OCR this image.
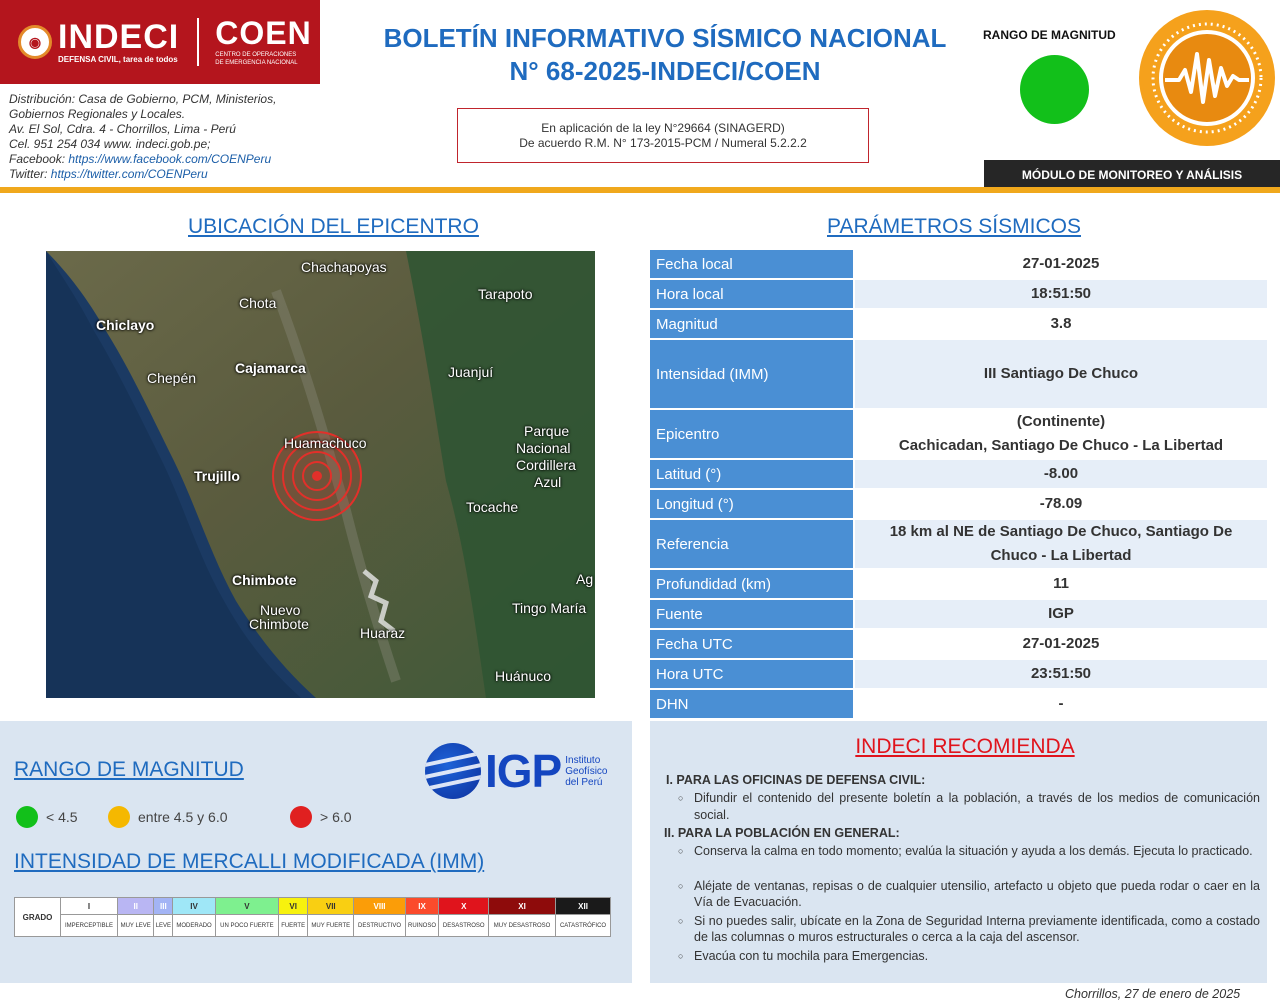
◉ INDECI
DEFENSA CIVIL, tarea de todos
COEN
CENTRO DE OPERACIONES DE EMERGENCIA NACIONAL
Distribución: Casa de Gobierno, PCM, Ministerios,
Gobiernos Regionales y Locales.
Av. El Sol, Cdra. 4 - Chorrillos, Lima - Perú
Cel. 951 254 034 www. indeci.gob.pe;
Facebook: https://www.facebook.com/COENPeru
Twitter: https://twitter.com/COENPeru
BOLETÍN INFORMATIVO SÍSMICO NACIONAL
N° 68-2025-INDECI/COEN
En aplicación de la ley N°29664 (SINAGERD)
De acuerdo R.M. N° 173-2015-PCM / Numeral 5.2.2.2
RANGO DE MAGNITUD
MÓDULO DE MONITOREO Y ANÁLISIS
UBICACIÓN DEL EPICENTRO
Chachapoyas
Chota
Tarapoto
Chiclayo
Chepén
Cajamarca	Juanjuí
Huamachuco
Parque
Nacional
Cordillera
Azul
Trujillo
Tocache
Chimbote
Nuevo
Chimbote
Ag
Tingo María
Huaraz
Huánuco
PARÁMETROS SÍSMICOS
Fecha local	27-01-2025
Hora local	18:51:50
Magnitud	3.8
Intensidad (IMM)	III Santiago De Chuco
Epicentro	(Continente)
Cachicadan, Santiago De Chuco - La Libertad

Latitud (°)	-8.00
Longitud (°)	-78.09
Referencia	18 km al NE de Santiago De Chuco, Santiago De
Chuco - La Libertad

Profundidad (km)	11
Fuente	IGP
Fecha UTC	27-01-2025
Hora UTC	23:51:50
DHN	-
RANGO DE MAGNITUD
< 4.5	entre 4.5 y 6.0	> 6.0
IGP Instituto
Geofísico
del Perú
INTENSIDAD DE MERCALLI MODIFICADA (IMM)
GRADO	I	II	III	IV	V	VI	VII	VIII	IX	X	XI	XII
	IMPERCEPTIBLE	MUY LEVE	LEVE	MODERADO	UN POCO FUERTE	FUERTE	MUY FUERTE	DESTRUCTIVO	RUINOSO	DESASTROSO	MUY DESASTROSO	CATASTRÓFICO
INDECI RECOMIENDA
I. PARA LAS OFICINAS DE DEFENSA CIVIL:
○ Difundir el contenido del presente boletín a la población, a través de los medios de comunicación social.
II. PARA LA POBLACIÓN EN GENERAL:
○ Conserva la calma en todo momento; evalúa la situación y ayuda a los demás. Ejecuta lo practicado.
○ Aléjate de ventanas, repisas o de cualquier utensilio, artefacto u objeto que pueda rodar o caer en la Vía de Evacuación.
○ Si no puedes salir, ubícate en la Zona de Seguridad Interna previamente identificada, como a costado de las columnas o muros estructurales o cerca a la caja del ascensor.
○ Evacúa con tu mochila para Emergencias.
Chorrillos, 27 de enero de 2025
